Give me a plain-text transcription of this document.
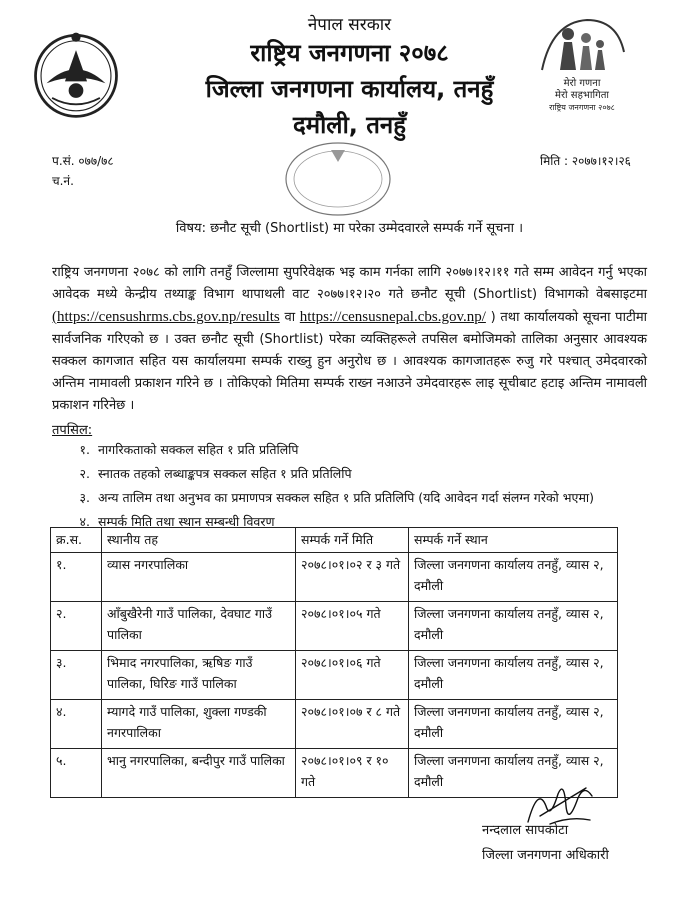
मेरो गणना
मेरो सहभागिता
राष्ट्रिय जनगणना २०७८
नेपाल सरकार
राष्ट्रिय जनगणना २०७८
जिल्ला जनगणना कार्यालय, तनहुँ
दमौली, तनहुँ
प.सं. ०७७/७८
च.नं.
मिति : २०७७।१२।२६
विषय: छनौट सूची (Shortlist) मा परेका उम्मेदवारले सम्पर्क गर्ने सूचना ।
राष्ट्रिय जनगणना २०७८ को लागि तनहुँ जिल्लामा सुपरिवेक्षक भइ काम गर्नका लागि २०७७।१२।११ गते सम्म आवेदन गर्नु भएका आवेदक मध्ये केन्द्रीय तथ्याङ्क विभाग थापाथली वाट २०७७।१२।२० गते छनौट सूची (Shortlist) विभागको वेबसाइटमा (https://censushrms.cbs.gov.np/results वा https://censusnepal.cbs.gov.np/ ) तथा कार्यालयको सूचना पाटीमा सार्वजनिक गरिएको छ । उक्त छनौट सूची (Shortlist) परेका व्यक्तिहरूले तपसिल बमोजिमको तालिका अनुसार आवश्यक सक्कल कागजात सहित यस कार्यालयमा सम्पर्क राख्नु हुन अनुरोध छ । आवश्यक कागजातहरू रुजु गरे पश्चात् उमेदवारको अन्तिम नामावली प्रकाशन गरिने छ । तोकिएको मितिमा सम्पर्क राख्न नआउने उमेदवारहरू लाइ सूचीबाट हटाइ अन्तिम नामावली प्रकाशन गरिनेछ ।
तपसिल:
१. नागरिकताको सक्कल सहित १ प्रति प्रतिलिपि
२. स्नातक तहको लब्धाङ्कपत्र सक्कल सहित १ प्रति प्रतिलिपि
३. अन्य तालिम तथा अनुभव का प्रमाणपत्र सक्कल सहित १ प्रति प्रतिलिपि (यदि आवेदन गर्दा संलग्न गरेको भएमा)
४. सम्पर्क मिति तथा स्थान सम्बन्धी विवरण
क्र.स.	स्थानीय तह	सम्पर्क गर्ने मिति	सम्पर्क गर्ने स्थान
१.	व्यास नगरपालिका	२०७८।०१।०२ र ३ गते	जिल्ला जनगणना कार्यालय तनहुँ, व्यास २, दमौली
२.	आँबुखैरेनी गाउँ पालिका, देवघाट गाउँ पालिका	२०७८।०१।०५ गते	जिल्ला जनगणना कार्यालय तनहुँ, व्यास २, दमौली
३.	भिमाद नगरपालिका, ऋषिङ गाउँ पालिका, घिरिङ गाउँ पालिका	२०७८।०१।०६ गते	जिल्ला जनगणना कार्यालय तनहुँ, व्यास २, दमौली
४.	म्यागदे गाउँ पालिका, शुक्ला गण्डकी नगरपालिका	२०७८।०१।०७ र ८ गते	जिल्ला जनगणना कार्यालय तनहुँ, व्यास २, दमौली
५.	भानु नगरपालिका, बन्दीपुर गाउँ पालिका	२०७८।०१।०९ र १० गते	जिल्ला जनगणना कार्यालय तनहुँ, व्यास २, दमौली
नन्दलाल सापकोटा
जिल्ला जनगणना अधिकारी
